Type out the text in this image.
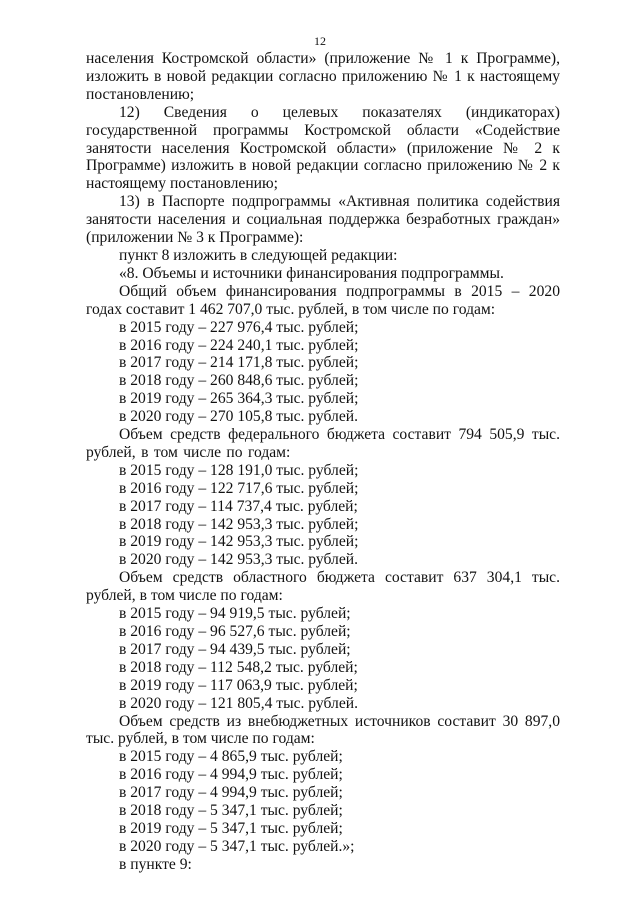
12

населения Костромской области» (приложение № 1 к Программе), изложить в новой редакции согласно приложению № 1 к настоящему постановлению;

12) Сведения о целевых показателях (индикаторах) государственной программы Костромской области «Содействие занятости населения Костромской области» (приложение № 2 к Программе) изложить в новой редакции согласно приложению № 2 к настоящему постановлению;

13) в Паспорте подпрограммы «Активная политика содействия занятости населения и социальная поддержка безработных граждан» (приложении № 3 к Программе):

пункт 8 изложить в следующей редакции:

«8. Объемы и источники финансирования подпрограммы.

Общий объем финансирования подпрограммы в 2015 – 2020 годах составит 1 462 707,0 тыс. рублей, в том числе по годам:

в 2015 году – 227 976,4 тыс. рублей;

в 2016 году – 224 240,1 тыс. рублей;

в 2017 году – 214 171,8 тыс. рублей;

в 2018 году – 260 848,6 тыс. рублей;

в 2019 году – 265 364,3 тыс. рублей;

в 2020 году – 270 105,8 тыс. рублей.

Объем средств федерального бюджета составит 794 505,9 тыс. рублей, в том числе по годам:

в 2015 году – 128 191,0 тыс. рублей;

в 2016 году – 122 717,6 тыс. рублей;

в 2017 году – 114 737,4 тыс. рублей;

в 2018 году – 142 953,3 тыс. рублей;

в 2019 году – 142 953,3 тыс. рублей;

в 2020 году – 142 953,3 тыс. рублей.

Объем средств областного бюджета составит 637 304,1 тыс. рублей, в том числе по годам:

в 2015 году – 94 919,5 тыс. рублей;

в 2016 году – 96 527,6 тыс. рублей;

в 2017 году – 94 439,5 тыс. рублей;

в 2018 году – 112 548,2 тыс. рублей;

в 2019 году – 117 063,9 тыс. рублей;

в 2020 году – 121 805,4 тыс. рублей.

Объем средств из внебюджетных источников составит 30 897,0 тыс. рублей, в том числе по годам:

в 2015 году – 4 865,9 тыс. рублей;

в 2016 году – 4 994,9 тыс. рублей;

в 2017 году – 4 994,9 тыс. рублей;

в 2018 году – 5 347,1 тыс. рублей;

в 2019 году – 5 347,1 тыс. рублей;

в 2020 году – 5 347,1 тыс. рублей.»;

в пункте 9:
